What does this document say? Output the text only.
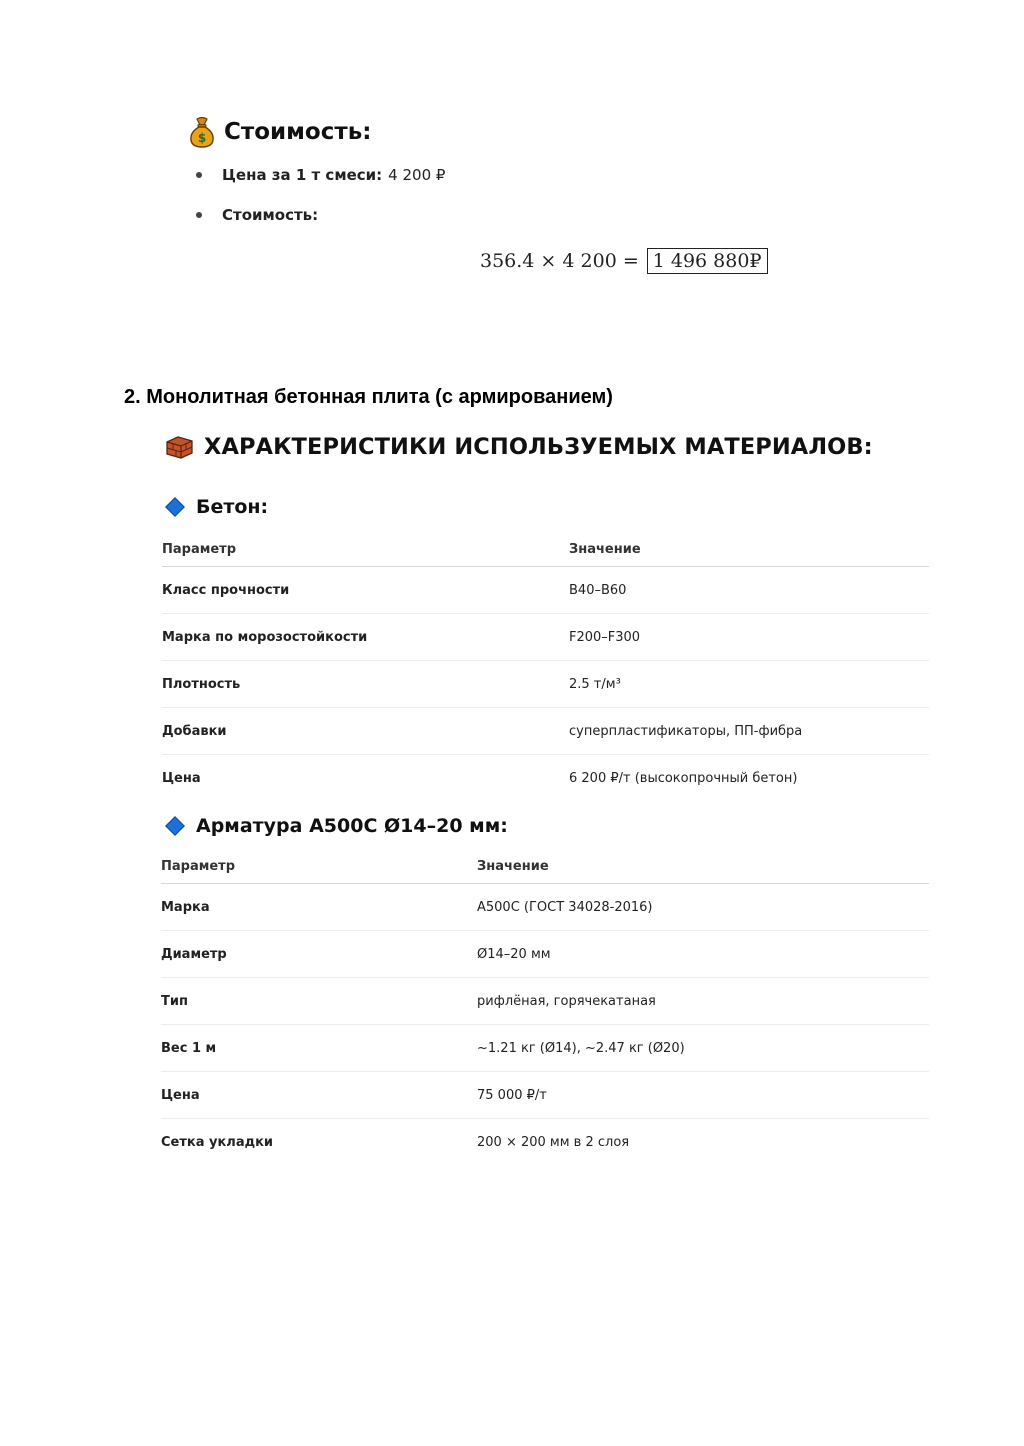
$ Стоимость:
Цена за 1 т смеси: 4 200 ₽
Стоимость:
356.4 × 4 200 = 1 496 880₽
2. Монолитная бетонная плита (с армированием)
ХАРАКТЕРИСТИКИ ИСПОЛЬЗУЕМЫХ МАТЕРИАЛОВ:
Бетон:
Параметр	Значение
Класс прочности	B40–B60
Марка по морозостойкости	F200–F300
Плотность	2.5 т/м³
Добавки	суперпластификаторы, ПП-фибра
Цена	6 200 ₽/т (высокопрочный бетон)
Арматура А500С Ø14–20 мм:
Параметр	Значение
Марка	А500С (ГОСТ 34028-2016)
Диаметр	Ø14–20 мм
Тип	рифлёная, горячекатаная
Вес 1 м	~1.21 кг (Ø14), ~2.47 кг (Ø20)
Цена	75 000 ₽/т
Сетка укладки	200 × 200 мм в 2 слоя
